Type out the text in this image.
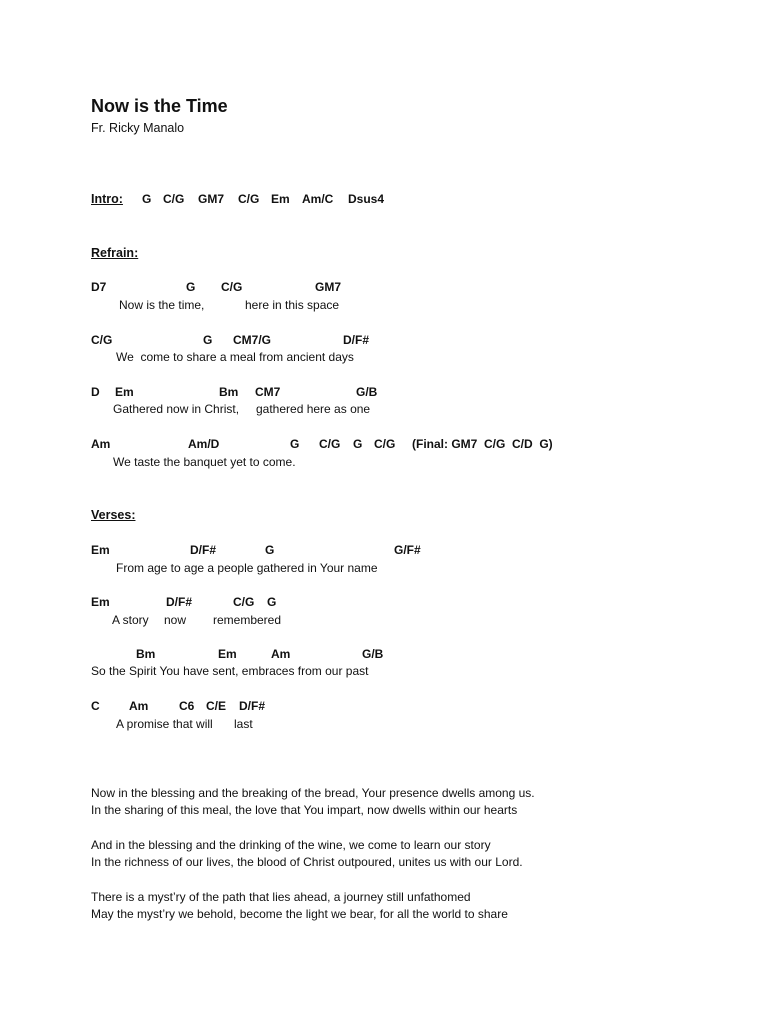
Now is the Time
Fr. Ricky Manalo
Intro: G C/G GM7 C/G Em Am/C Dsus4
Refrain:
D7	G C/G	GM7
Now is the time,	here in this space
C/G	G CM7/G	D/F#
We  come to share a meal from ancient days
D Em	Bm CM7	G/B
Gathered now in Christ, gathered here as one
Am	Am/D	G C/G G C/G (Final: GM7  C/G  C/D  G)
We taste the banquet yet to come.
Verses:
Em	D/F#	G	G/F#
From age to age a people gathered in Your name
Em	D/F#	C/G G
A story now remembered
Bm	Em	Am	G/B
So the Spirit You have sent, embraces from our past
C Am	C6 C/E D/F#
A promise that will last
Now in the blessing and the breaking of the bread, Your presence dwells among us.
In the sharing of this meal, the love that You impart, now dwells within our hearts
And in the blessing and the drinking of the wine, we come to learn our story
In the richness of our lives, the blood of Christ outpoured, unites us with our Lord.
There is a myst’ry of the path that lies ahead, a journey still unfathomed
May the myst’ry we behold, become the light we bear, for all the world to share
